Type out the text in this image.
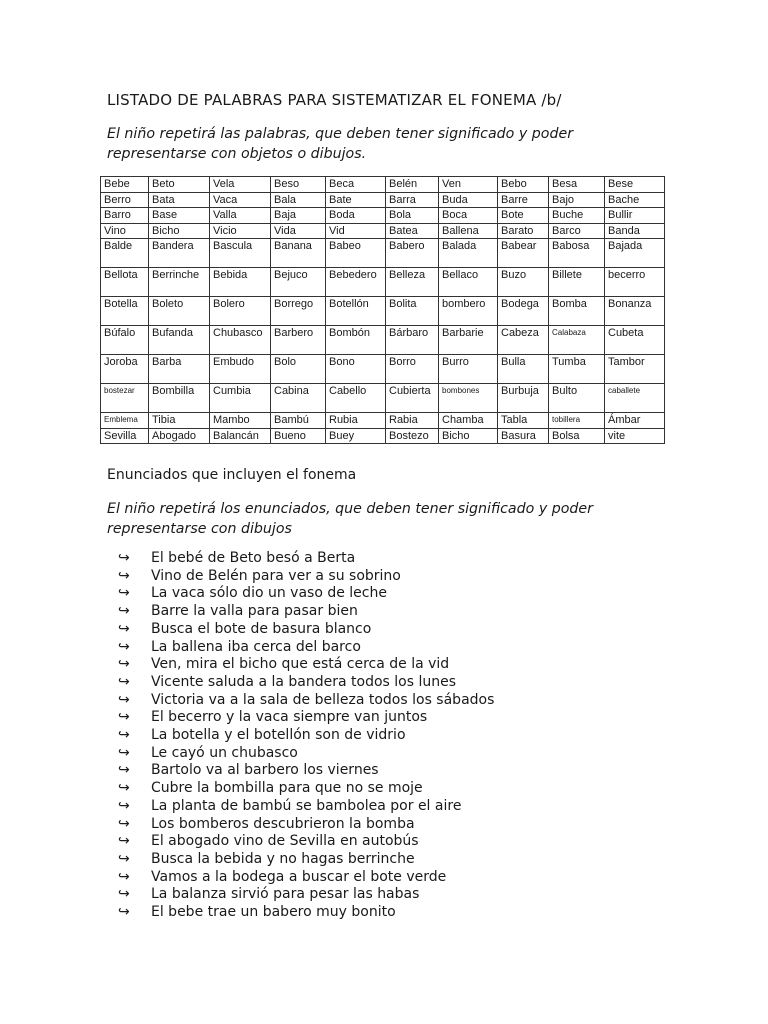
LISTADO DE PALABRAS PARA SISTEMATIZAR EL FONEMA /b/
El niño repetirá las palabras, que deben tener significado y poder representarse con objetos o dibujos.
Bebe	Beto	Vela	Beso	Beca	Belén	Ven	Bebo	Besa	Bese
Berro	Bata	Vaca	Bala	Bate	Barra	Buda	Barre	Bajo	Bache
Barro	Base	Valla	Baja	Boda	Bola	Boca	Bote	Buche	Bullir
Vino	Bicho	Vicio	Vida	Vid	Batea	Ballena	Barato	Barco	Banda
Balde	Bandera	Bascula	Banana	Babeo	Babero	Balada	Babear	Babosa	Bajada
Bellota	Berrinche	Bebida	Bejuco	Bebedero	Belleza	Bellaco	Buzo	Billete	becerro
Botella	Boleto	Bolero	Borrego	Botellón	Bolita	bombero	Bodega	Bomba	Bonanza
Búfalo	Bufanda	Chubasco	Barbero	Bombón	Bárbaro	Barbarie	Cabeza	Calabaza	Cubeta
Joroba	Barba	Embudo	Bolo	Bono	Borro	Burro	Bulla	Tumba	Tambor
bostezar	Bombilla	Cumbia	Cabina	Cabello	Cubierta	bombones	Burbuja	Bulto	caballete
Emblema	Tibia	Mambo	Bambú	Rubia	Rabia	Chamba	Tabla	tobillera	Ámbar
Sevilla	Abogado	Balancán	Bueno	Buey	Bostezo	Bicho	Basura	Bolsa	vite
Enunciados que incluyen el fonema
El niño repetirá los enunciados, que deben tener significado y poder representarse con dibujos
↪	El bebé de Beto besó a Berta
↪	Vino de Belén para ver a su sobrino
↪	La vaca sólo dio un vaso de leche
↪	Barre la valla para pasar bien
↪	Busca el bote de basura blanco
↪	La ballena iba cerca del barco
↪	Ven, mira el bicho que está cerca de la vid
↪	Vicente saluda a la bandera todos los lunes
↪	Victoria va a la sala de belleza todos los sábados
↪	El becerro y la vaca siempre van juntos
↪	La botella y el botellón son de vidrio
↪	Le cayó un chubasco
↪	Bartolo va al barbero los viernes
↪	Cubre la bombilla para que no se moje
↪	La planta de bambú se bambolea por el aire
↪	Los bomberos descubrieron la bomba
↪	El abogado vino de Sevilla en autobús
↪	Busca la bebida y no hagas berrinche
↪	Vamos a la bodega a buscar el bote verde
↪	La balanza sirvió para pesar las habas
↪	El bebe trae un babero muy bonito
